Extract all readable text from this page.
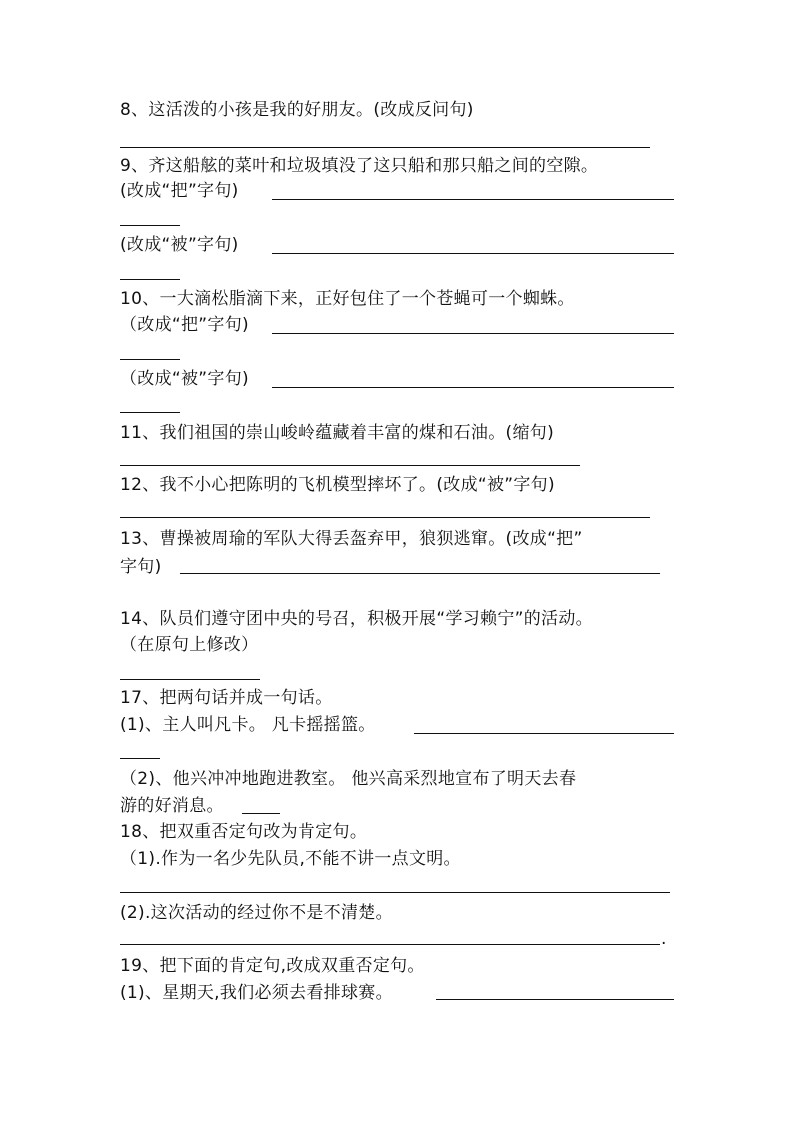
8、这活泼的小孩是我的好朋友。(改成反问句)
9、齐这船舷的菜叶和垃圾填没了这只船和那只船之间的空隙。
(改成“把”字句)
(改成“被”字句)
10、一大滴松脂滴下来，正好包住了一个苍蝇可一个蜘蛛。
（改成“把”字句)
（改成“被”字句)
11、我们祖国的崇山峻岭蕴藏着丰富的煤和石油。(缩句)
12、我不小心把陈明的飞机模型摔坏了。(改成“被”字句)
13、曹操被周瑜的军队大得丢盔弃甲，狼狈逃窜。(改成“把”
字句)
14、队员们遵守团中央的号召，积极开展“学习赖宁”的活动。
（在原句上修改）
17、把两句话并成一句话。
(1)、主人叫凡卡。 凡卡摇摇篮。
（2)、他兴冲冲地跑进教室。 他兴高采烈地宣布了明天去春
游的好消息。
18、把双重否定句改为肯定句。
（1).作为一名少先队员,不能不讲一点文明。
(2).这次活动的经过你不是不清楚。
.
19、把下面的肯定句,改成双重否定句。
(1)、星期天,我们必须去看排球赛。
